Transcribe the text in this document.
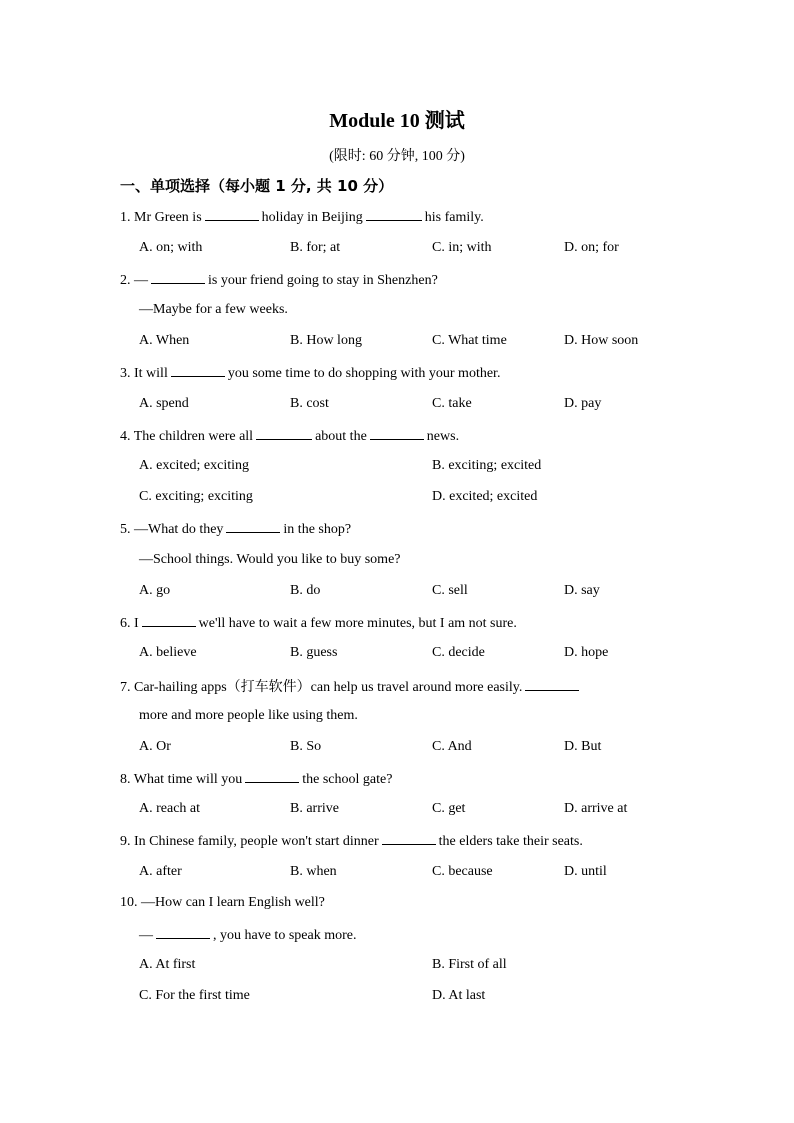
Module 10 测试
(限时: 60 分钟, 100 分)
一、单项选择（每小题 1 分, 共 10 分）
1. Mr Green is	holiday in Beijing	his family.
A. on; with	B. for; at	C. in; with	D. on; for
2. —	is your friend going to stay in Shenzhen?
—Maybe for a few weeks.
A. When	B. How long	C. What time	D. How soon
3. It will	you some time to do shopping with your mother.
A. spend	B. cost	C. take	D. pay
4. The children were all	about the	news.
A. excited; exciting	B. exciting; excited
C. exciting; exciting	D. excited; excited
5. —What do they	in the shop?
—School things. Would you like to buy some?
A. go	B. do	C. sell	D. say
6. I	we'll have to wait a few more minutes, but I am not sure.
A. believe	B. guess	C. decide	D. hope
7. Car-hailing apps（打车软件）can help us travel around more easily.
more and more people like using them.
A. Or	B. So	C. And	D. But
8. What time will you	the school gate?
A. reach at	B. arrive	C. get	D. arrive at
9. In Chinese family, people won't start dinner	the elders take their seats.
A. after	B. when	C. because	D. until
10. —How can I learn English well?
—	, you have to speak more.
A. At first	B. First of all
C. For the first time	D. At last
